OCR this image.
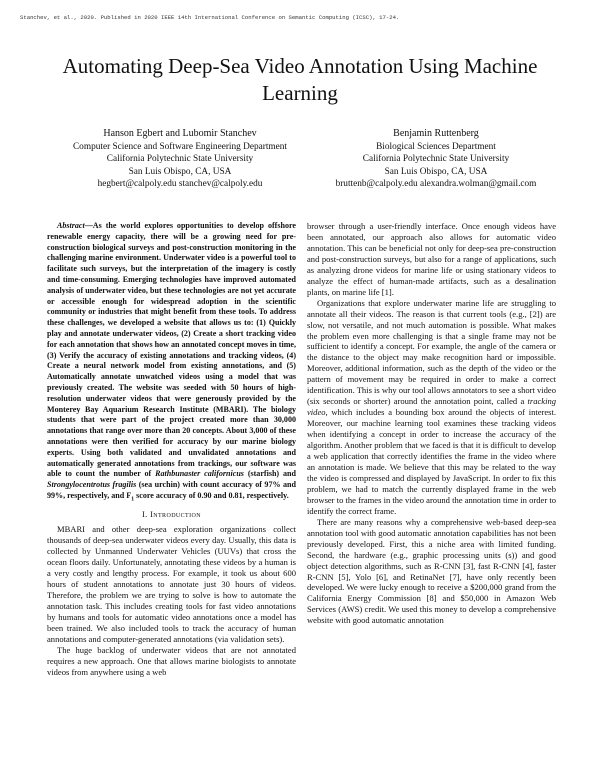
Stanchev, et al., 2020. Published in 2020 IEEE 14th International Conference on Semantic Computing (ICSC), 17-24.
Automating Deep-Sea Video Annotation Using Machine Learning
Hanson Egbert and Lubomir Stanchev
Computer Science and Software Engineering Department
California Polytechnic State University
San Luis Obispo, CA, USA
hegbert@calpoly.edu stanchev@calpoly.edu
Benjamin Ruttenberg
Biological Sciences Department
California Polytechnic State University
San Luis Obispo, CA, USA
bruttenb@calpoly.edu alexandra.wolman@gmail.com

Abstract—As the world explores opportunities to develop offshore renewable energy capacity, there will be a growing need for pre-construction biological surveys and post-construction monitoring in the challenging marine environment. Underwater video is a powerful tool to facilitate such surveys, but the interpretation of the imagery is costly and time-consuming. Emerging technologies have improved automated analysis of underwater video, but these technologies are not yet accurate or accessible enough for widespread adoption in the scientific community or industries that might benefit from these tools. To address these challenges, we developed a website that allows us to: (1) Quickly play and annotate underwater videos, (2) Create a short tracking video for each annotation that shows how an annotated concept moves in time, (3) Verify the accuracy of existing annotations and tracking videos, (4) Create a neural network model from existing annotations, and (5) Automatically annotate unwatched videos using a model that was previously created. The website was seeded with 50 hours of high-resolution underwater videos that were generously provided by the Monterey Bay Aquarium Research Institute (MBARI). The biology students that were part of the project created more than 30,000 annotations that range over more than 20 concepts. About 3,000 of these annotations were then verified for accuracy by our marine biology experts. Using both validated and unvalidated annotations and automatically generated annotations from trackings, our software was able to count the number of Rathbunaster californicus (starfish) and Strongylocentrotus fragilis (sea urchin) with count accuracy of 97% and 99%, respectively, and $F_1$ score accuracy of 0.90 and 0.81, respectively.

I. Introduction

MBARI and other deep-sea exploration organizations collect thousands of deep-sea underwater videos every day. Usually, this data is collected by Unmanned Underwater Vehicles (UUVs) that cross the ocean floors daily. Unfortunately, annotating these videos by a human is a very costly and lengthy process. For example, it took us about 600 hours of student annotations to annotate just 30 hours of videos. Therefore, the problem we are trying to solve is how to automate the annotation task. This includes creating tools for fast video annotations by humans and tools for automatic video annotations once a model has been trained. We also included tools to track the accuracy of human annotations and computer-generated annotations (via validation sets).

The huge backlog of underwater videos that are not annotated requires a new approach. One that allows marine biologists to annotate videos from anywhere using a web

browser through a user-friendly interface. Once enough videos have been annotated, our approach also allows for automatic video annotation. This can be beneficial not only for deep-sea pre-construction and post-construction surveys, but also for a range of applications, such as analyzing drone videos for marine life or using stationary videos to analyze the effect of human-made artifacts, such as a desalination plants, on marine life [1].

Organizations that explore underwater marine life are struggling to annotate all their videos. The reason is that current tools (e.g., [2]) are slow, not versatile, and not much automation is possible. What makes the problem even more challenging is that a single frame may not be sufficient to identify a concept. For example, the angle of the camera or the distance to the object may make recognition hard or impossible. Moreover, additional information, such as the depth of the video or the pattern of movement may be required in order to make a correct identification. This is why our tool allows annotators to see a short video (six seconds or shorter) around the annotation point, called a tracking video, which includes a bounding box around the objects of interest. Moreover, our machine learning tool examines these tracking videos when identifying a concept in order to increase the accuracy of the algorithm. Another problem that we faced is that it is difficult to develop a web application that correctly identifies the frame in the video where an annotation is made. We believe that this may be related to the way the video is compressed and displayed by JavaScript. In order to fix this problem, we had to match the currently displayed frame in the web browser to the frames in the video around the annotation time in order to identify the correct frame.

There are many reasons why a comprehensive web-based deep-sea annotation tool with good automatic annotation capabilities has not been previously developed. First, this a niche area with limited funding. Second, the hardware (e.g., graphic processing units (s)) and good object detection algorithms, such as R-CNN [3], fast R-CNN [4], faster R-CNN [5], Yolo [6], and RetinaNet [7], have only recently been developed. We were lucky enough to receive a $200,000 grand from the California Energy Commission [8] and $50,000 in Amazon Web Services (AWS) credit. We used this money to develop a comprehensive website with good automatic annotation
